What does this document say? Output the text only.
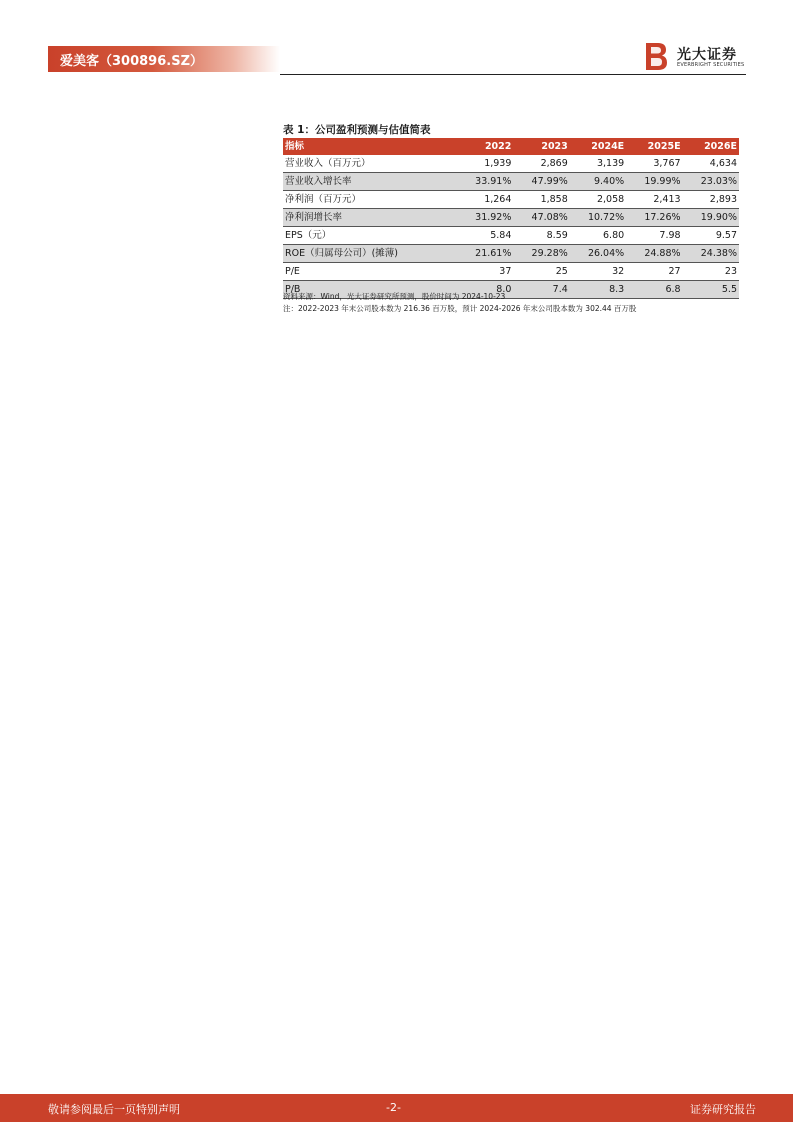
爱美客（300896.SZ）	光大证券
EVERBRIGHT SECURITIES
表 1：公司盈利预测与估值简表
指标	2022	2023	2024E	2025E	2026E
营业收入（百万元）	1,939	2,869	3,139	3,767	4,634
营业收入增长率	33.91%	47.99%	9.40%	19.99%	23.03%
净利润（百万元）	1,264	1,858	2,058	2,413	2,893
净利润增长率	31.92%	47.08%	10.72%	17.26%	19.90%
EPS（元）	5.84	8.59	6.80	7.98	9.57
ROE（归属母公司）(摊薄)	21.61%	29.28%	26.04%	24.88%	24.38%
P/E	37	25	32	27	23
P/B	8.0	7.4	8.3	6.8	5.5
资料来源：Wind，光大证券研究所预测，股价时间为 2024-10-23
注：2022-2023 年末公司股本数为 216.36 百万股，预计 2024-2026 年末公司股本数为 302.44 百万股
敬请参阅最后一页特别声明	-2-	证券研究报告
